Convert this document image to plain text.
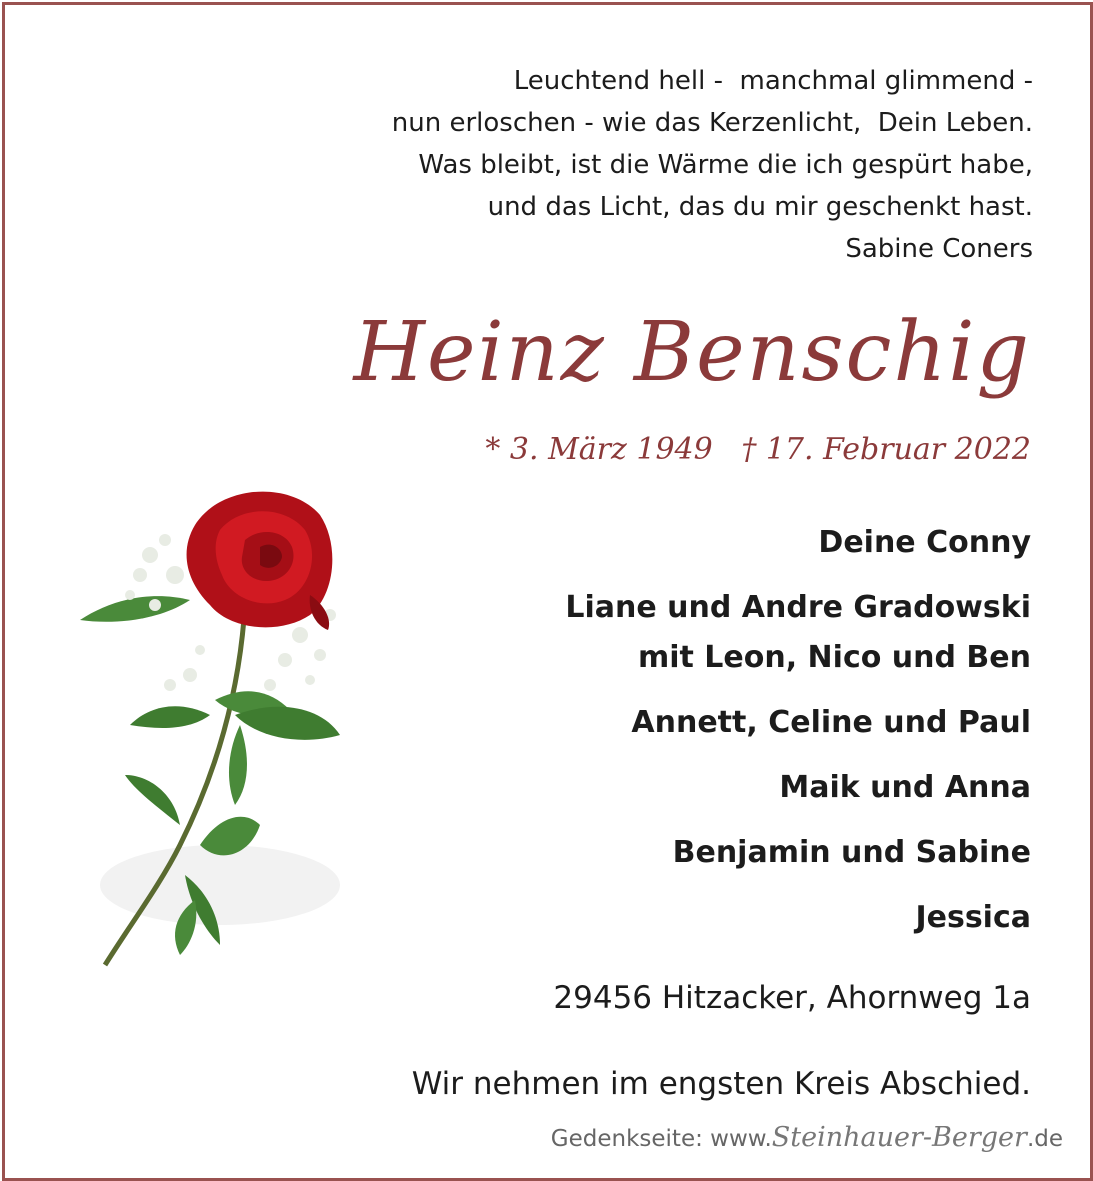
Leuchtend hell -  manchmal glimmend -
nun erloschen - wie das Kerzenlicht,  Dein Leben.
Was bleibt, ist die Wärme die ich gespürt habe,
und das Licht, das du mir geschenkt hast.
Sabine Coners
Heinz Benschig
* 3. März 1949   † 17. Februar 2022
Deine Conny
Liane und Andre Gradowski
mit Leon, Nico und Ben
Annett, Celine und Paul
Maik und Anna
Benjamin und Sabine
Jessica
29456 Hitzacker, Ahornweg 1a
Wir nehmen im engsten Kreis Abschied.
Gedenkseite: www.Steinhauer-Berger.de
